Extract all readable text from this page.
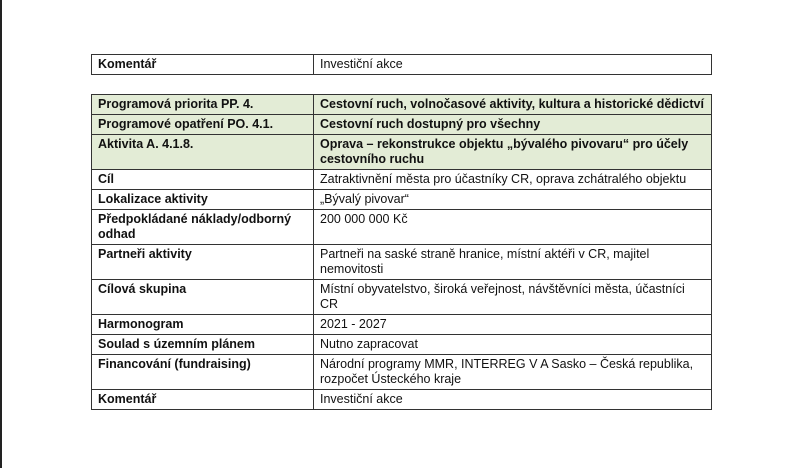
Komentář	Investiční akce
Programová priorita PP. 4.	Cestovní ruch, volnočasové aktivity, kultura a historické dědictví
Programové opatření PO. 4.1.	Cestovní ruch dostupný pro všechny
Aktivita A. 4.1.8.	Oprava – rekonstrukce objektu „bývalého pivovaru“ pro účely cestovního ruchu
Cíl	Zatraktivnění města pro účastníky CR, oprava zchátralého objektu
Lokalizace aktivity	„Bývalý pivovar“
Předpokládané náklady/odborný odhad	200 000 000 Kč
Partneři aktivity	Partneři na saské straně hranice, místní aktéři v CR, majitel nemovitosti
Cílová skupina	Místní obyvatelstvo, široká veřejnost, návštěvníci města, účastníci CR
Harmonogram	2021 - 2027
Soulad s územním plánem	Nutno zapracovat
Financování (fundraising)	Národní programy MMR, INTERREG V A Sasko – Česká republika, rozpočet Ústeckého kraje
Komentář	Investiční akce
